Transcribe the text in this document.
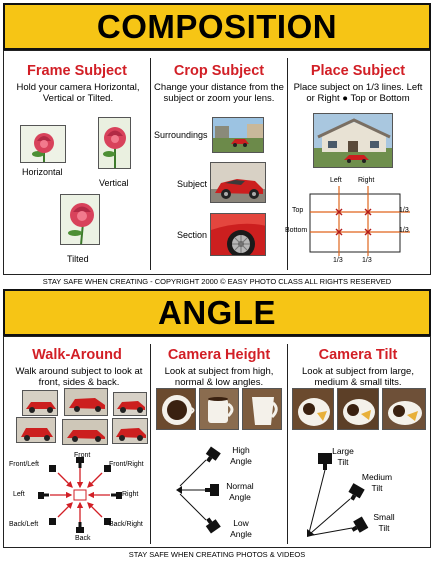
COMPOSITION
Frame Subject
Hold your camera Horizontal, Vertical or Tilted.
Horizontal
Vertical
Tilted
Crop Subject
Change your distance from the subject or zoom your lens.
Surroundings
Subject
Section
Place Subject
Place subject on 1/3 lines. Left or Right ● Top or Bottom
Left Right
Top
Bottom
1/3
1/3
1/3	1/3
STAY SAFE WHEN CREATING - COPYRIGHT 2000 © EASY PHOTO CLASS ALL RIGHTS RESERVED
ANGLE
Walk-Around
Walk around subject to look at front, sides & back.
Front
Front/Left	Front/Right
Left	Right
Back/Left	Back/Right
Back
Camera Height
Look at subject from high, normal & low angles.
High Angle
Normal Angle
Low Angle
Camera Tilt
Look at subject from large, medium & small tilts.
Large Tilt
Medium Tilt
Small Tilt
STAY SAFE WHEN CREATING PHOTOS & VIDEOS
